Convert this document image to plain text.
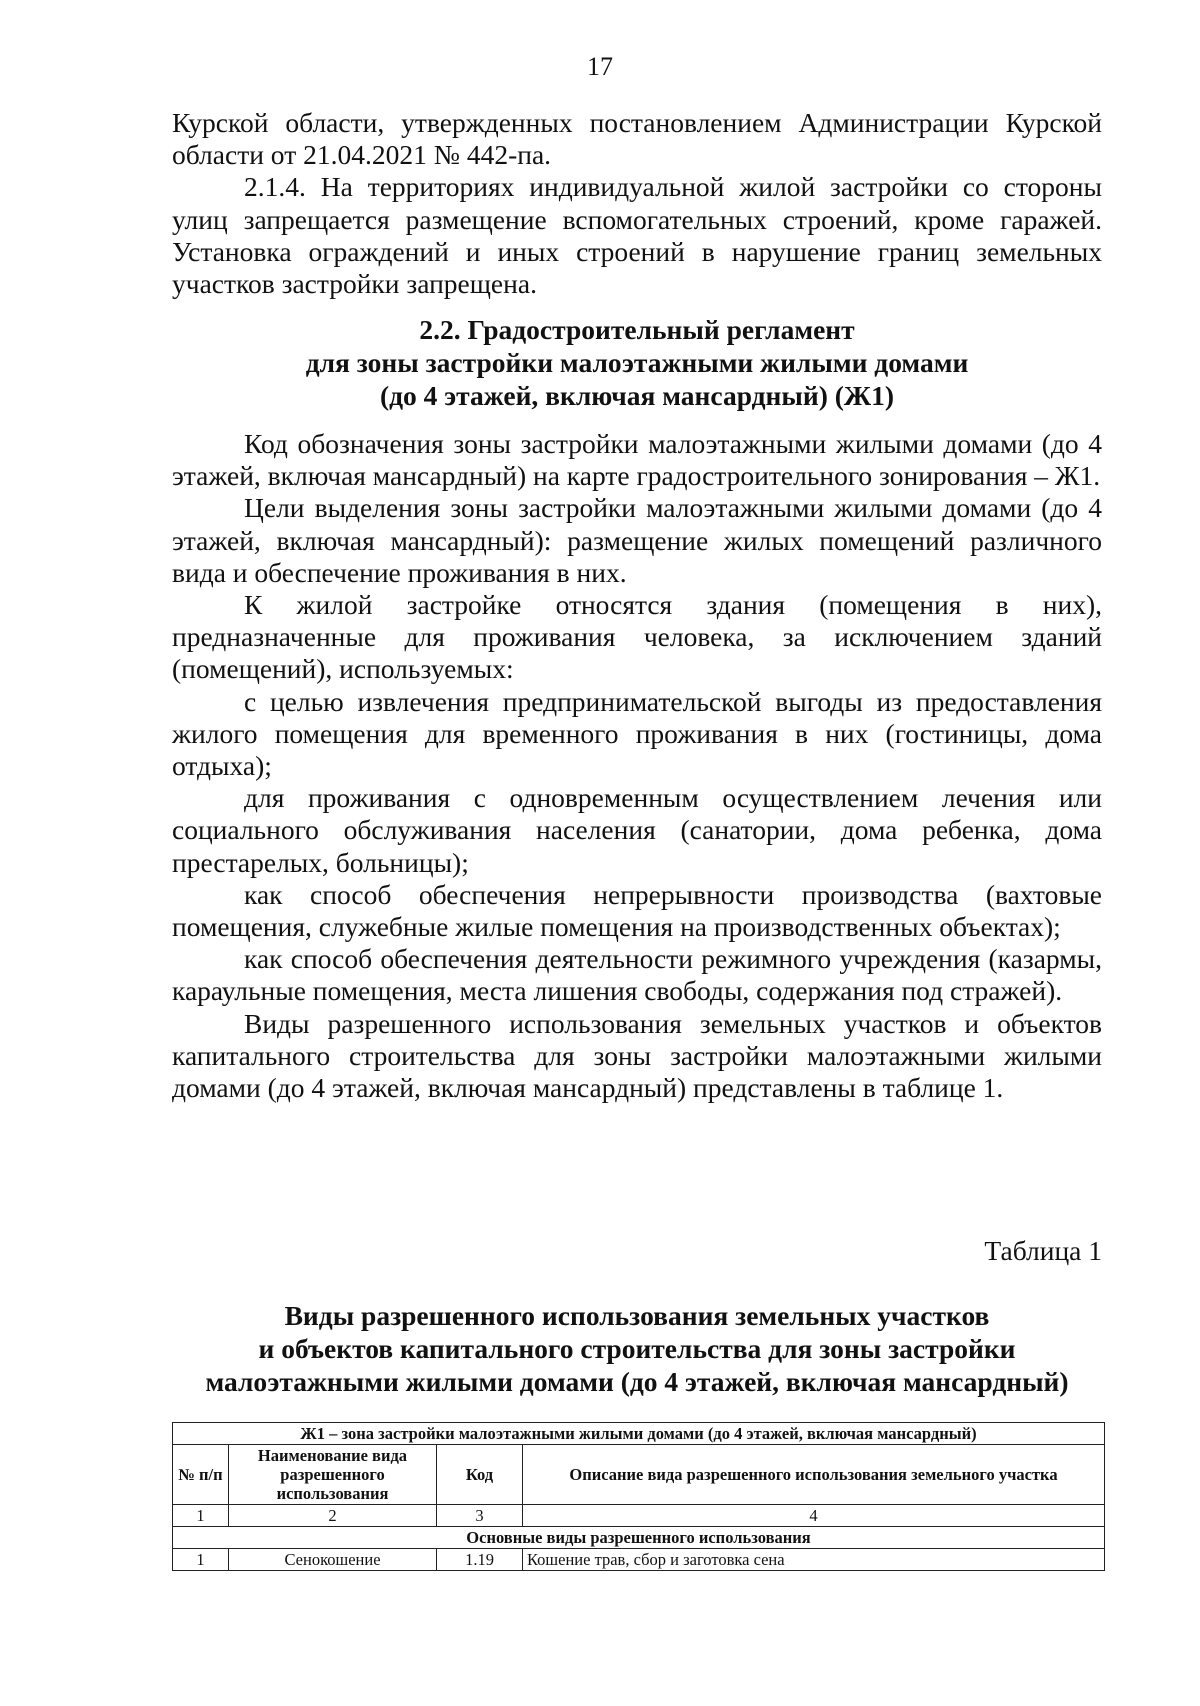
17

Курской области, утвержденных постановлением Администрации Курской области от 21.04.2021 № 442-па.

2.1.4. На территориях индивидуальной жилой застройки со стороны улиц запрещается размещение вспомогательных строений, кроме гаражей. Установка ограждений и иных строений в нарушение границ земельных участков застройки запрещена.

2.2. Градостроительный регламент
для зоны застройки малоэтажными жилыми домами
(до 4 этажей, включая мансардный) (Ж1)

Код обозначения зоны застройки малоэтажными жилыми домами (до 4 этажей, включая мансардный) на карте градостроительного зонирования – Ж1.

Цели выделения зоны застройки малоэтажными жилыми домами (до 4 этажей, включая мансардный): размещение жилых помещений различного вида и обеспечение проживания в них.

К жилой застройке относятся здания (помещения в них), предназначенные для проживания человека, за исключением зданий (помещений), используемых:

с целью извлечения предпринимательской выгоды из предоставления жилого помещения для временного проживания в них (гостиницы, дома отдыха);

для проживания с одновременным осуществлением лечения или социального обслуживания населения (санатории, дома ребенка, дома престарелых, больницы);

как способ обеспечения непрерывности производства (вахтовые помещения, служебные жилые помещения на производственных объектах);

как способ обеспечения деятельности режимного учреждения (казармы, караульные помещения, места лишения свободы, содержания под стражей).

Виды разрешенного использования земельных участков и объектов капитального строительства для зоны застройки малоэтажными жилыми домами (до 4 этажей, включая мансардный) представлены в таблице 1.

Таблица 1
Виды разрешенного использования земельных участков
и объектов капитального строительства для зоны застройки
малоэтажными жилыми домами (до 4 этажей, включая мансардный)
Ж1 – зона застройки малоэтажными жилыми домами (до 4 этажей, включая мансардный)			
№ п/п	Наименование вида разрешенного использования	Код	Описание вида разрешенного использования земельного участка
1	2	3	4
Основные виды разрешенного использования			
1	Сенокошение	1.19	Кошение трав, сбор и заготовка сена
